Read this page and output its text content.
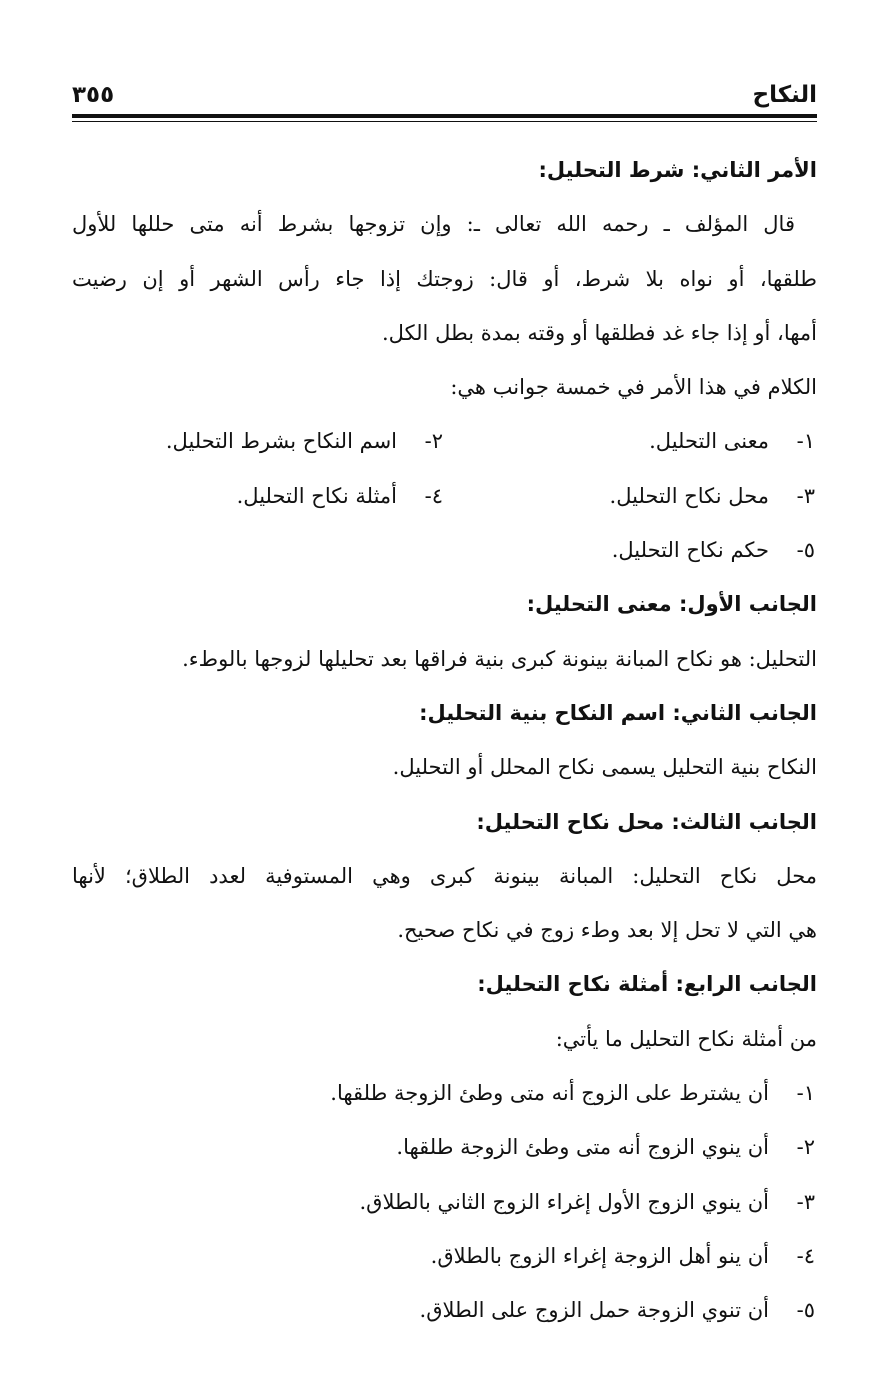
النكاح
٣٥٥
الأمر الثاني: شرط التحليل:
قال المؤلف ـ رحمه الله تعالى ـ: وإن تزوجها بشرط أنه متى حللها للأول
طلقها، أو نواه بلا شرط، أو قال: زوجتك إذا جاء رأس الشهر أو إن رضيت
أمها، أو إذا جاء غد فطلقها أو وقته بمدة بطل الكل.
الكلام في هذا الأمر في خمسة جوانب هي:
١-معنى التحليل.
٢-اسم النكاح بشرط التحليل.
٣-محل نكاح التحليل.
٤-أمثلة نكاح التحليل.
٥-حكم نكاح التحليل.
الجانب الأول: معنى التحليل:
التحليل: هو نكاح المبانة بينونة كبرى بنية فراقها بعد تحليلها لزوجها بالوطء.
الجانب الثاني: اسم النكاح بنية التحليل:
النكاح بنية التحليل يسمى نكاح المحلل أو التحليل.
الجانب الثالث: محل نكاح التحليل:
محل نكاح التحليل: المبانة بينونة كبرى وهي المستوفية لعدد الطلاق؛ لأنها
هي التي لا تحل إلا بعد وطء زوج في نكاح صحيح.
الجانب الرابع: أمثلة نكاح التحليل:
من أمثلة نكاح التحليل ما يأتي:
١-أن يشترط على الزوج أنه متى وطئ الزوجة طلقها.
٢-أن ينوي الزوج أنه متى وطئ الزوجة طلقها.
٣-أن ينوي الزوج الأول إغراء الزوج الثاني بالطلاق.
٤-أن ينو أهل الزوجة إغراء الزوج بالطلاق.
٥-أن تنوي الزوجة حمل الزوج على الطلاق.
